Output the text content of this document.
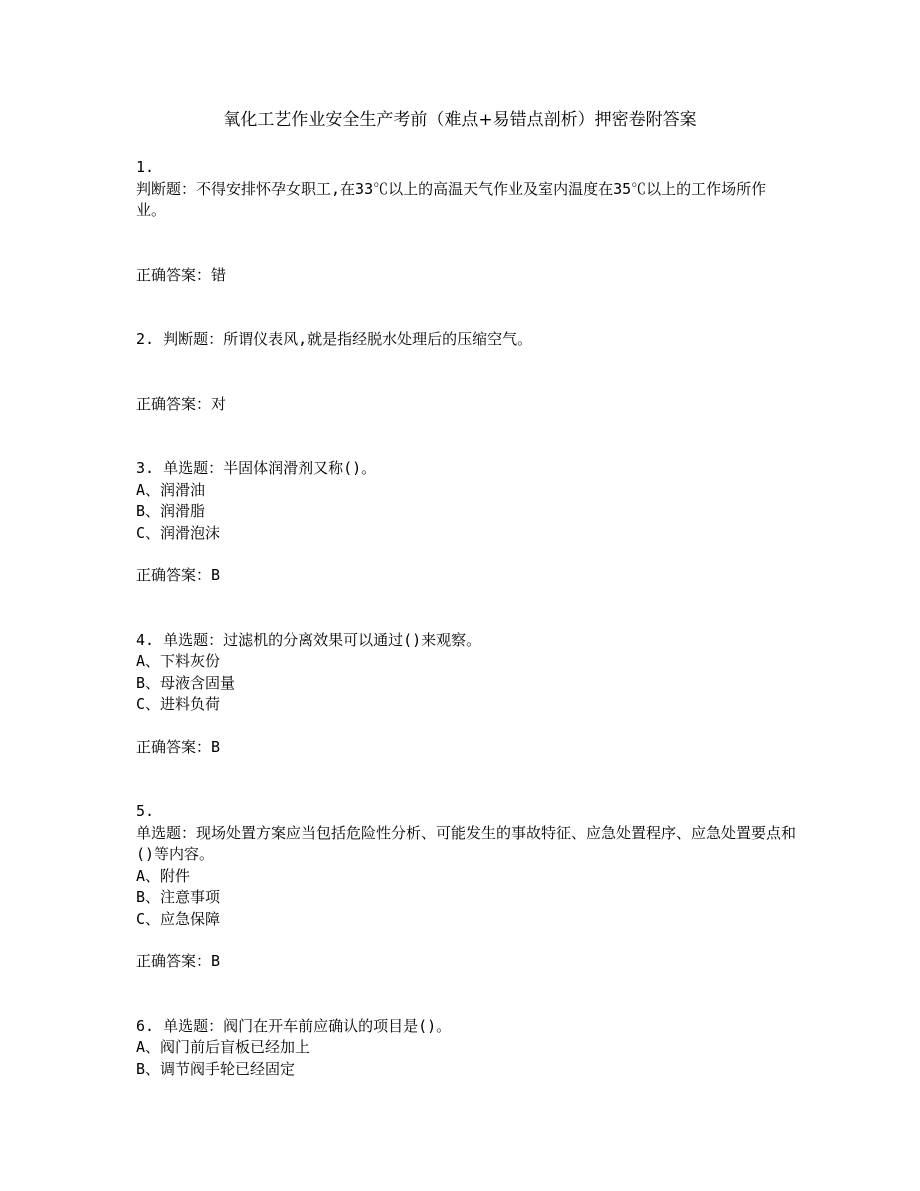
氧化工艺作业安全生产考前（难点+易错点剖析）押密卷附答案
1.
判断题：不得安排怀孕女职工,在33℃以上的高温天气作业及室内温度在35℃以上的工作场所作业。
正确答案：错
2. 判断题：所谓仪表风,就是指经脱水处理后的压缩空气。
正确答案：对
3. 单选题：半固体润滑剂又称()。
A、润滑油
B、润滑脂
C、润滑泡沫
正确答案：B
4. 单选题：过滤机的分离效果可以通过()来观察。
A、下料灰份
B、母液含固量
C、进料负荷
正确答案：B
5.
单选题：现场处置方案应当包括危险性分析、可能发生的事故特征、应急处置程序、应急处置要点和()等内容。
A、附件
B、注意事项
C、应急保障
正确答案：B
6. 单选题：阀门在开车前应确认的项目是()。
A、阀门前后盲板已经加上
B、调节阀手轮已经固定
